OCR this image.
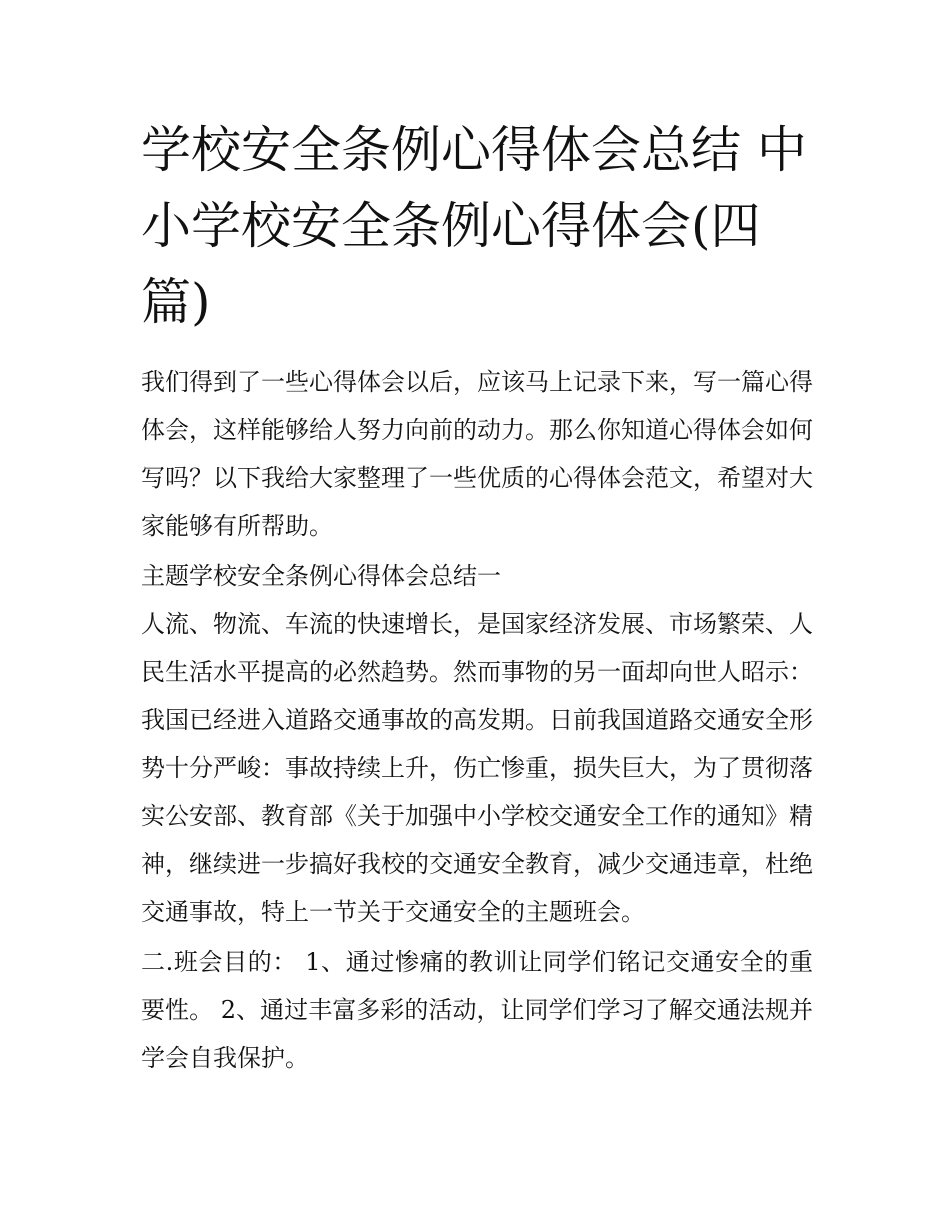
学校安全条例心得体会总结 中小学校安全条例心得体会(四篇)

我们得到了一些心得体会以后，应该马上记录下来，写一篇心得体会，这样能够给人努力向前的动力。那么你知道心得体会如何写吗？以下我给大家整理了一些优质的心得体会范文，希望对大家能够有所帮助。

主题学校安全条例心得体会总结一

人流、物流、车流的快速增长，是国家经济发展、市场繁荣、人民生活水平提高的必然趋势。然而事物的另一面却向世人昭示：我国已经进入道路交通事故的高发期。日前我国道路交通安全形势十分严峻：事故持续上升，伤亡惨重，损失巨大，为了贯彻落实公安部、教育部《关于加强中小学校交通安全工作的通知》精神，继续进一步搞好我校的交通安全教育，减少交通违章，杜绝交通事故，特上一节关于交通安全的主题班会。

二.班会目的： 1、通过惨痛的教训让同学们铭记交通安全的重要性。 2、通过丰富多彩的活动，让同学们学习了解交通法规并学会自我保护。
